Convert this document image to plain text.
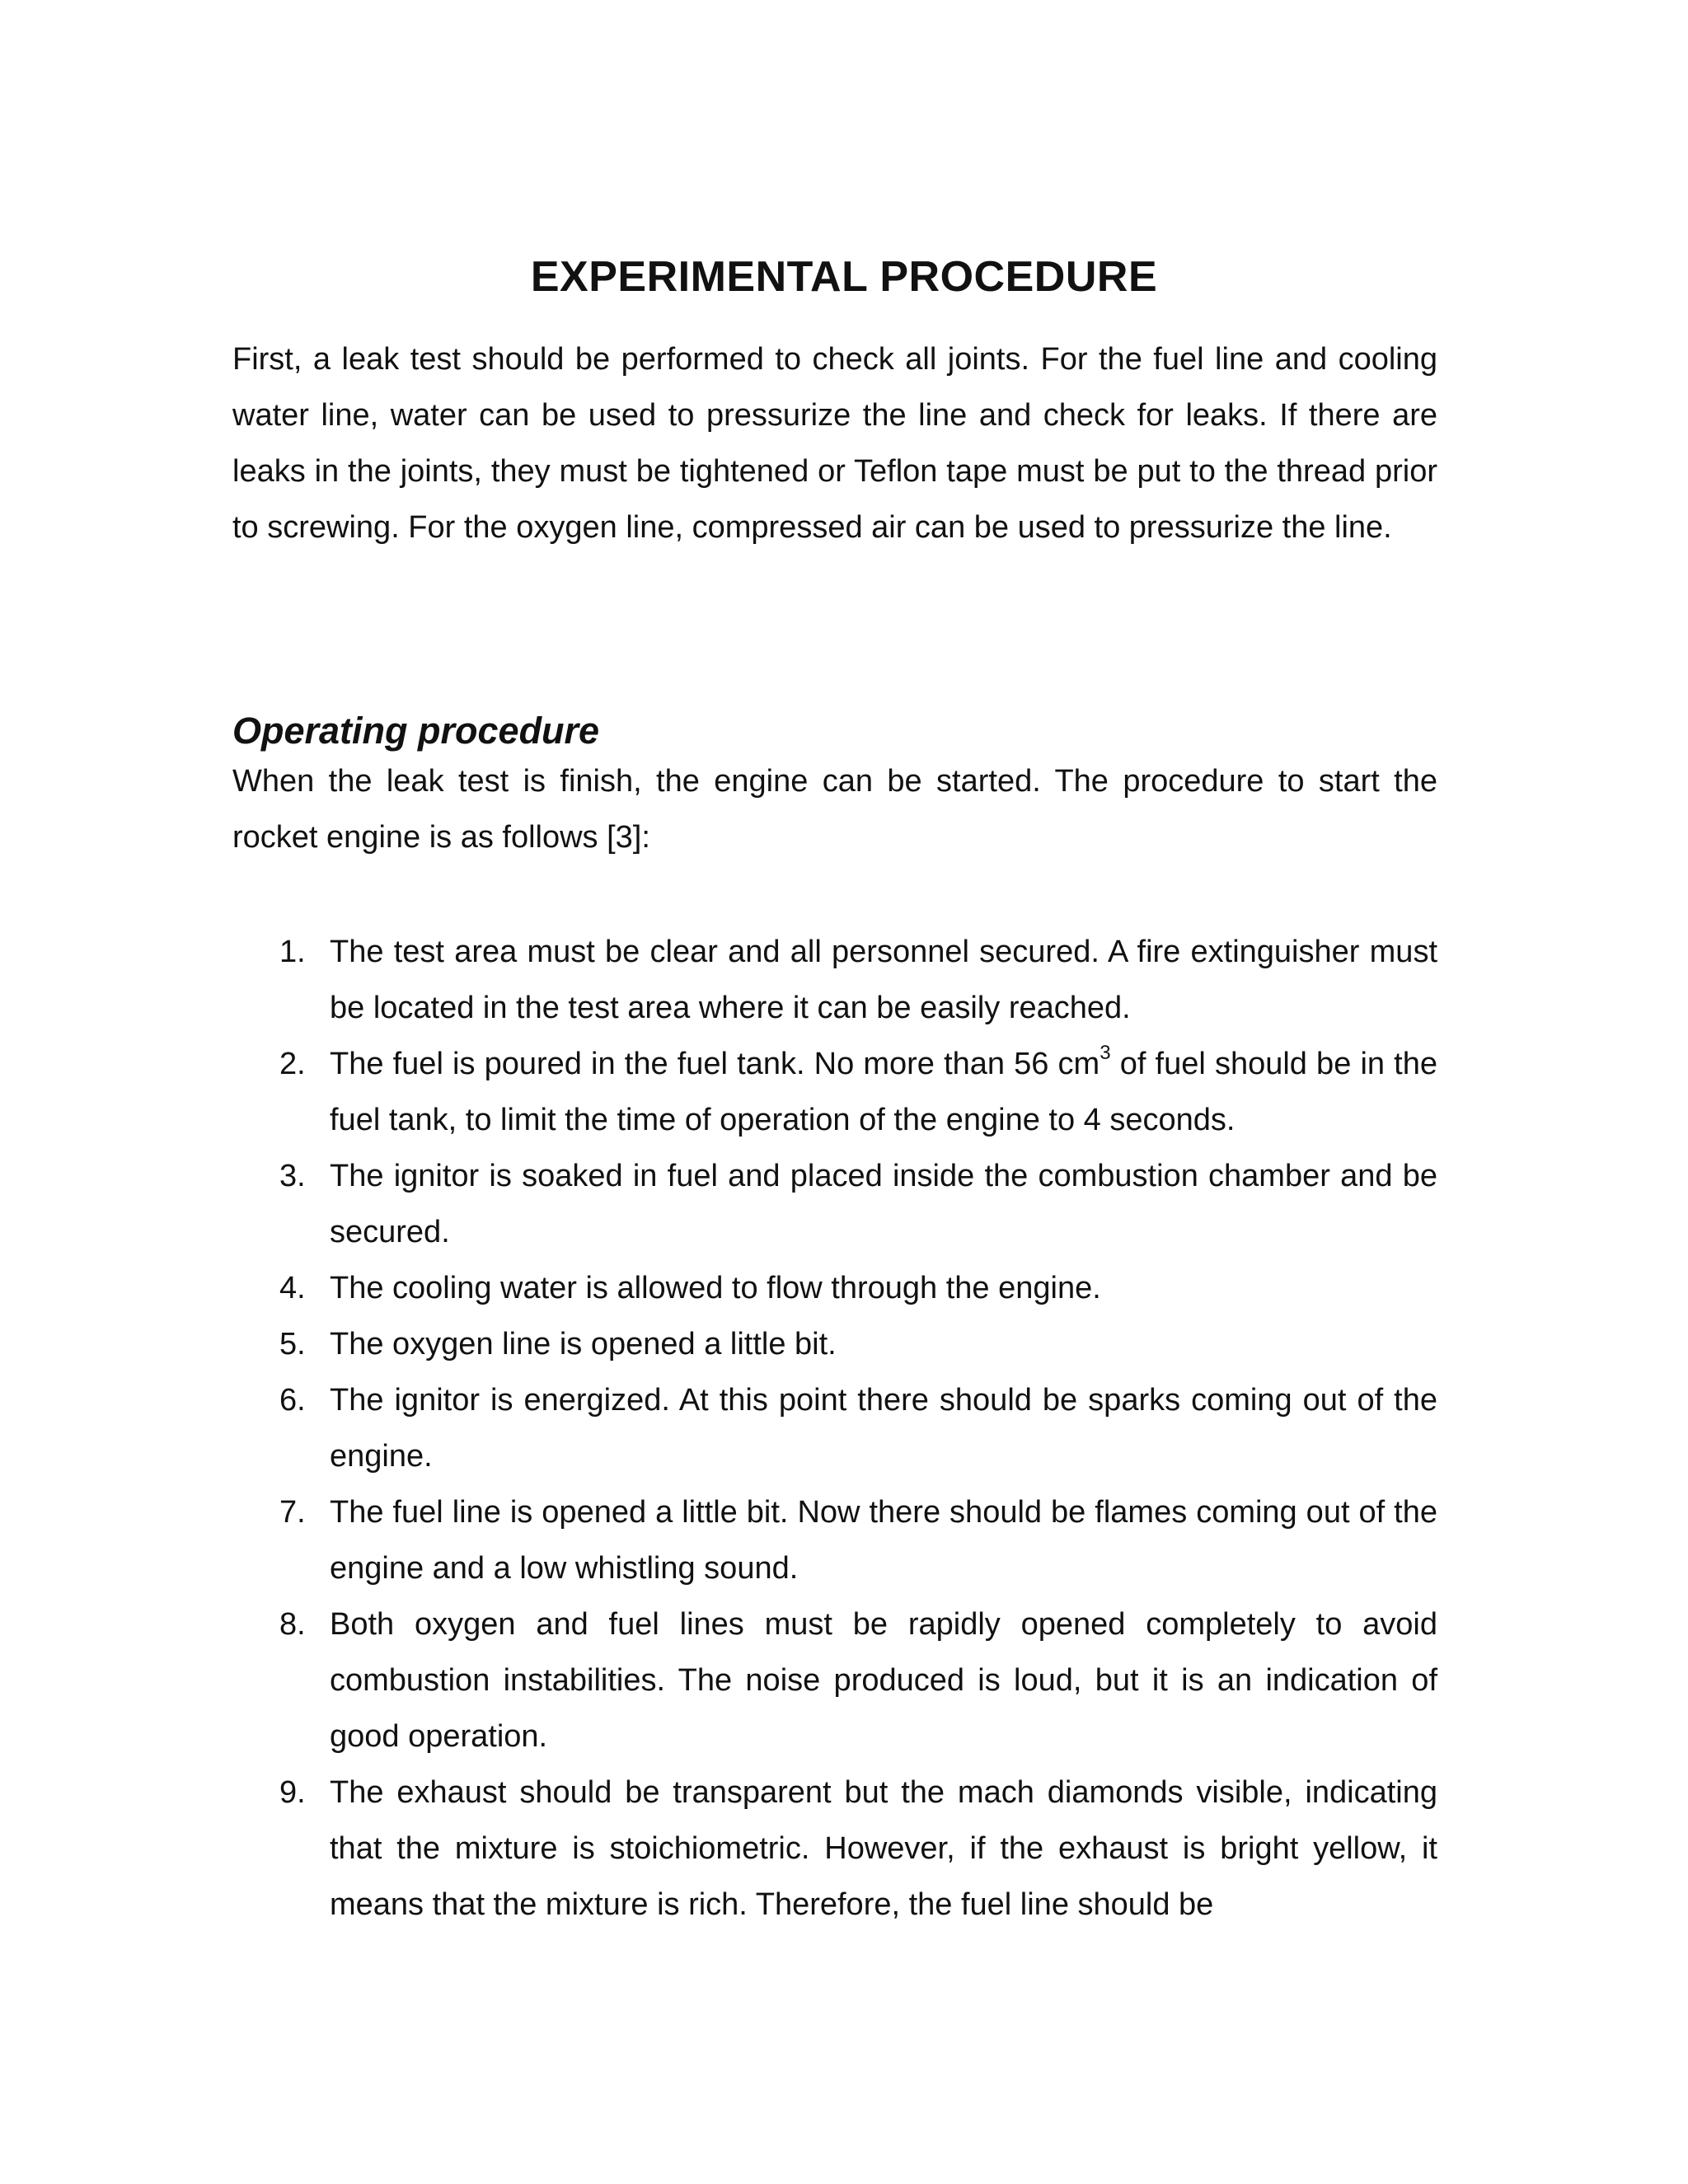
EXPERIMENTAL PROCEDURE

First, a leak test should be performed to check all joints. For the fuel line and cooling water line, water can be used to pressurize the line and check for leaks. If there are leaks in the joints, they must be tightened or Teflon tape must be put to the thread prior to screwing. For the oxygen line, compressed air can be used to pressurize the line.

Operating procedure

When the leak test is finish, the engine can be started. The procedure to start the rocket engine is as follows [3]:

1. The test area must be clear and all personnel secured. A fire extinguisher must be located in the test area where it can be easily reached.
2. The fuel is poured in the fuel tank. No more than 56 $cm^3$ of fuel should be in the fuel tank, to limit the time of operation of the engine to 4 seconds.
3. The ignitor is soaked in fuel and placed inside the combustion chamber and be secured.
4. The cooling water is allowed to flow through the engine.
5. The oxygen line is opened a little bit.
6. The ignitor is energized. At this point there should be sparks coming out of the engine.
7. The fuel line is opened a little bit. Now there should be flames coming out of the engine and a low whistling sound.
8. Both oxygen and fuel lines must be rapidly opened completely to avoid combustion instabilities. The noise produced is loud, but it is an indication of good operation.
9. The exhaust should be transparent but the mach diamonds visible, indicating that the mixture is stoichiometric. However, if the exhaust is bright yellow, it means that the mixture is rich. Therefore, the fuel line should be
